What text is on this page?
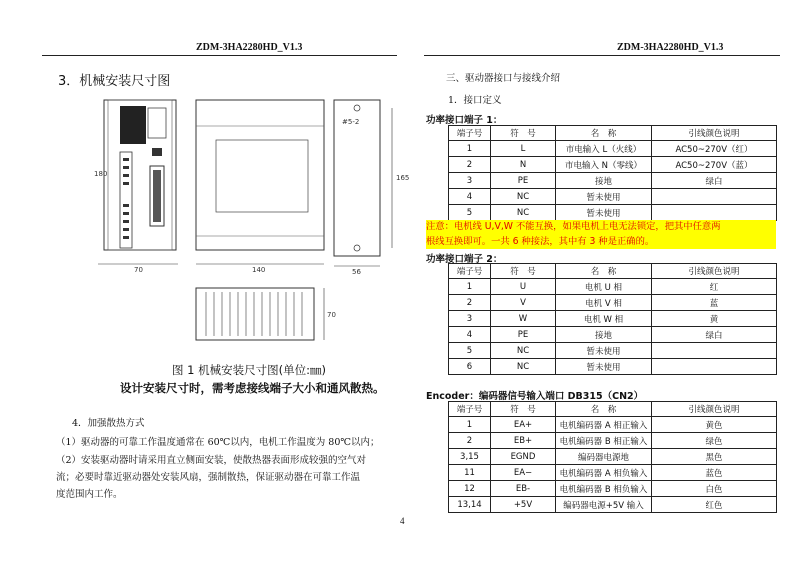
ZDM-3HA2280HD_V1.3	ZDM-3HA2280HD_V1.3
3．机械安装尺寸图
70
180
140
#5-2
165
56
70
图 1 机械安装尺寸图(单位:㎜)
设计安装尺寸时，需考虑接线端子大小和通风散热。
4．加强散热方式
（1）驱动器的可靠工作温度通常在 60℃以内，电机工作温度为 80℃以内；
（2）安装驱动器时请采用直立侧面安装，使散热器表面形成较强的空气对
流；必要时靠近驱动器处安装风扇，强制散热，保证驱动器在可靠工作温
度范围内工作。
三、驱动器接口与接线介绍
1．接口定义
功率接口端子 1：
端子号	符　号	名　称	引线颜色说明
1	L	市电输入 L（火线）	AC50~270V（红）
2	N	市电输入 N（零线）	AC50~270V（蓝）
3	PE	接地	绿白
4	NC	暂未使用	
5	NC	暂未使用	
注意：电机线 U,V,W 不能互换，如果电机上电无法锁定，把其中任意两
根线互换即可。一共 6 种接法，其中有 3 种是正确的。
功率接口端子 2：
端子号	符　号	名　称	引线颜色说明
1	U	电机 U 相	红
2	V	电机 V 相	蓝
3	W	电机 W 相	黄
4	PE	接地	绿白
5	NC	暂未使用	
6	NC	暂未使用	
Encoder：编码器信号输入端口 DB315（CN2）
端子号	符　号	名　称	引线颜色说明
1	EA+	电机编码器 A 相正输入	黄色
2	EB+	电机编码器 B 相正输入	绿色
3,15	EGND	编码器电源地	黑色
11	EA−	电机编码器 A 相负输入	蓝色
12	EB-	电机编码器 B 相负输入	白色
13,14	+5V	编码器电源+5V 输入	红色
4
